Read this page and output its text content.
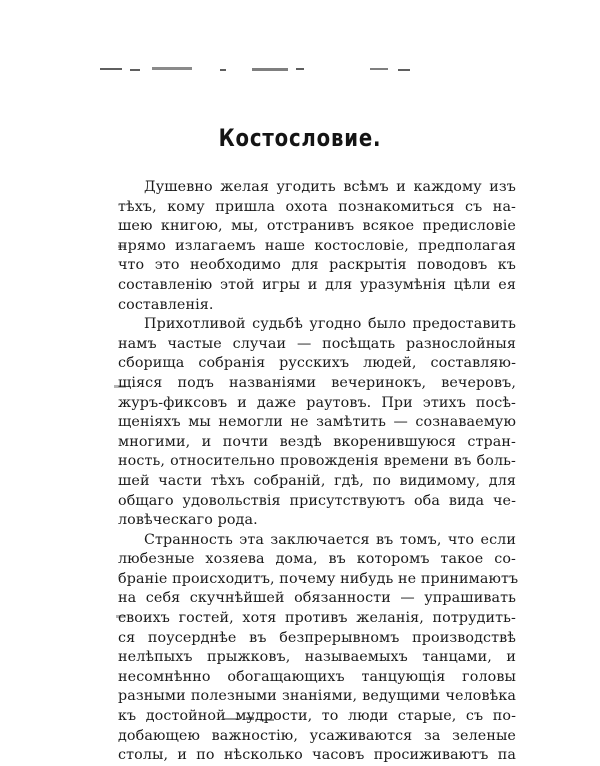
Костословие.
Душевно желая угодить всѣмъ и каждому изъ
тѣхъ, кому пришла охота познакомиться съ на-
шею книгою, мы, отстранивъ всякое предисловіе
прямо излагаемъ наше костословіе, предполагая
что это необходимо для раскрытія поводовъ къ
составленію этой игры и для уразумѣнія цѣли ея
составленія.
Прихотливой судьбѣ угодно было предоставить
намъ частые случаи — посѣщать разнослойныя
сборища собранія русскихъ людей, составляю-
щіяся подъ названіями вечеринокъ, вечеровъ,
журъ-фиксовъ и даже раутовъ. При этихъ посѣ-
щеніяхъ мы немогли не замѣтить — сознаваемую
многими, и почти вездѣ вкоренившуюся стран-
ность, относительно провожденія времени въ боль-
шей части тѣхъ собраній, гдѣ, по видимому, для
общаго удовольствія присутствуютъ оба вида че-
ловѣческаго рода.
Странность эта заключается въ томъ, что если
любезные хозяева дома, въ которомъ такое со-
браніе происходитъ, почему нибудь не принимаютъ
на себя скучнѣйшей обязанности — упрашивать
своихъ гостей, хотя противъ желанія, потрудить-
ся поусерднѣе въ безпрерывномъ производствѣ
нелѣпыхъ прыжковъ, называемыхъ танцами, и
несомнѣнно обогащающихъ танцующія головы
разными полезными знаніями, ведущими человѣка
къ достойной мудрости, то люди старые, съ по-
добающею важностію, усаживаются за зеленые
столы, и по нѣсколько часовъ просиживаютъ па
